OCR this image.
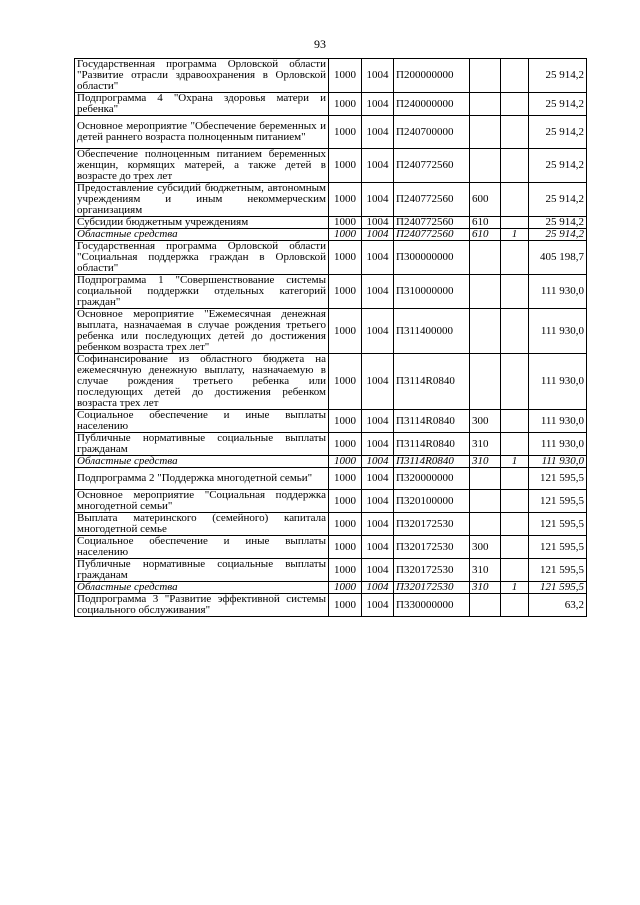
93
Государственная программа Орловской области "Развитие отрасли здравоохранения в Орловской области"	1000	1004	П200000000			25 914,2
Подпрограмма 4 "Охрана здоровья матери и ребенка"	1000	1004	П240000000			25 914,2
Основное мероприятие "Обеспечение беременных и детей раннего возраста полноценным питанием"	1000	1004	П240700000			25 914,2
Обеспечение полноценным питанием беременных женщин, кормящих матерей, а также детей в возрасте до трех лет	1000	1004	П240772560			25 914,2
Предоставление субсидий бюджетным, автономным учреждениям и иным некоммерческим организациям	1000	1004	П240772560	600		25 914,2
Субсидии бюджетным учреждениям	1000	1004	П240772560	610		25 914,2
Областные средства	1000	1004	П240772560	610	1	25 914,2
Государственная программа Орловской области "Социальная поддержка граждан в Орловской области"	1000	1004	П300000000			405 198,7
Подпрограмма 1 "Совершенствование системы социальной поддержки отдельных категорий граждан"	1000	1004	П310000000			111 930,0
Основное мероприятие "Ежемесячная денежная выплата, назначаемая в случае рождения третьего ребенка или последующих детей до достижения ребенком возраста трех лет"	1000	1004	П311400000			111 930,0
Софинансирование из областного бюджета на ежемесячную денежную выплату, назначаемую в случае рождения третьего ребенка или последующих детей до достижения ребенком возраста трех лет	1000	1004	П3114R0840			111 930,0
Социальное обеспечение и иные выплаты населению	1000	1004	П3114R0840	300		111 930,0
Публичные нормативные социальные выплаты гражданам	1000	1004	П3114R0840	310		111 930,0
Областные средства	1000	1004	П3114R0840	310	1	111 930,0
Подпрограмма 2 "Поддержка многодетной семьи"	1000	1004	П320000000			121 595,5
Основное мероприятие "Социальная поддержка многодетной семьи"	1000	1004	П320100000			121 595,5
Выплата материнского (семейного) капитала многодетной семье	1000	1004	П320172530			121 595,5
Социальное обеспечение и иные выплаты населению	1000	1004	П320172530	300		121 595,5
Публичные нормативные социальные выплаты гражданам	1000	1004	П320172530	310		121 595,5
Областные средства	1000	1004	П320172530	310	1	121 595,5
Подпрограмма 3 "Развитие эффективной системы социального обслуживания"	1000	1004	П330000000			63,2
